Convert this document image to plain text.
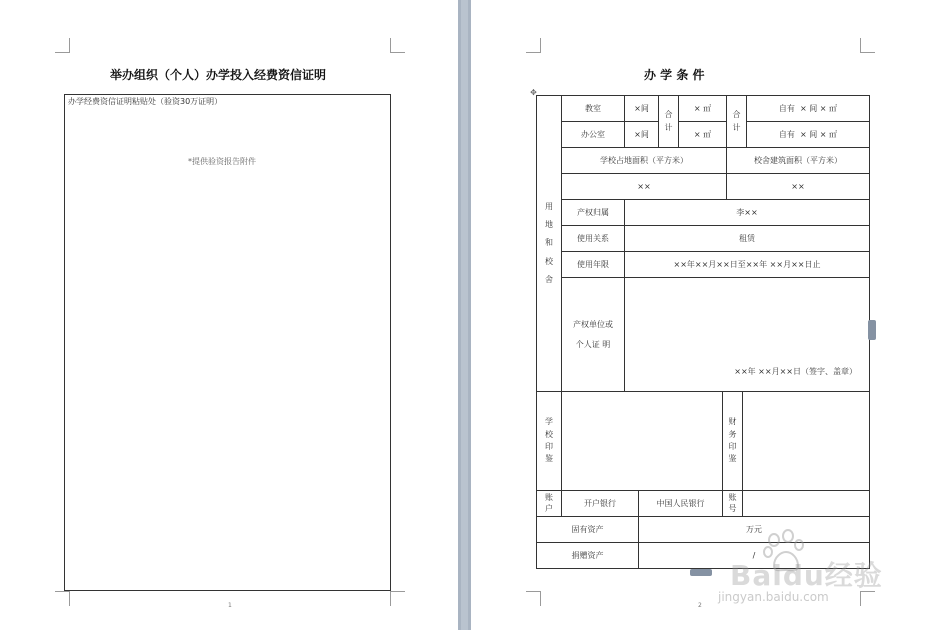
举办组织（个人）办学投入经费资信证明
办学经费资信证明粘贴处（验资30万证明）
*提供验资报告附件
1
办 学 条 件
✥
用地和校舍	教室	×间	合计	× ㎡	合计	自有 × 间 × ㎡
	办公室	×间		× ㎡		自有 × 间 × ㎡
	学校占地面积（平方米）				校舍建筑面积（平方米）	
	××				××	
	产权归属	李××				
	使用关系	租赁				
	使用年限	××年××月××日至××年 ××月××日止				

	产权单位或个人证 明	××年 ××月××日（签字、盖章）				
学校印鉴			财务印鉴	

账户	开户银行	中国人民银行	账号	

固有资产		万元		
捐赠资产		/		
2
Baidu经验
jingyan.baidu.com
